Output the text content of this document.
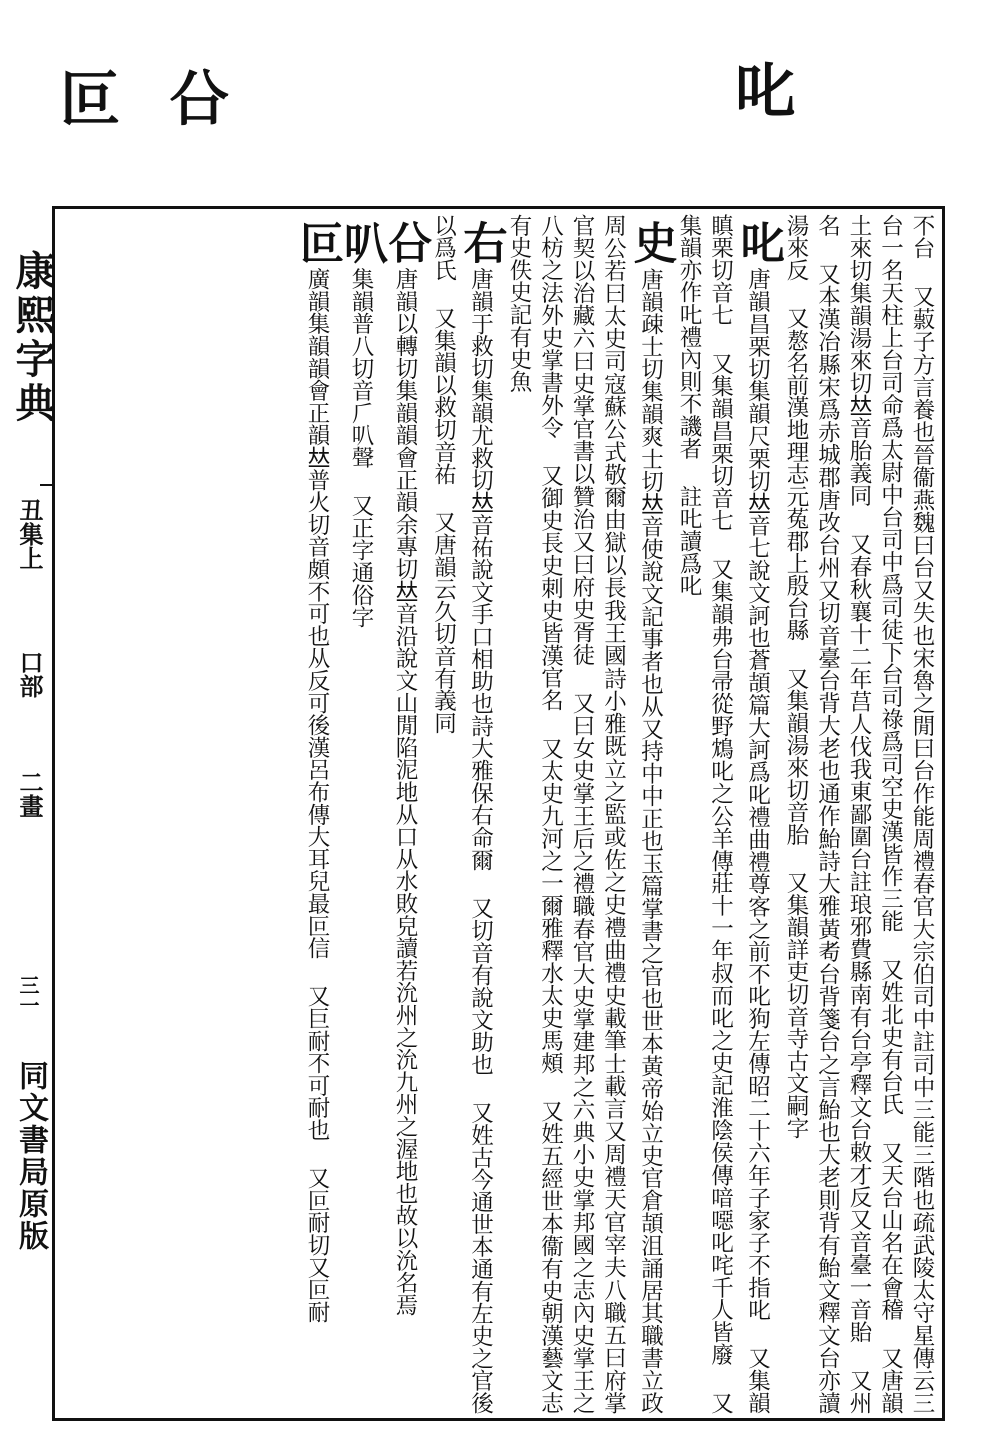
叱
叵 㕣
康熙字典
丑集上
口部
二畫
三一
同文書局原版	不台 又䔴子方言養也晉衞燕魏曰台又失也宋魯之閒曰台作能周禮春官大宗伯司中註司中三能三階也疏武陵太守星傳云三台一名天柱上台司命爲太尉中台司中爲司徒下台司祿爲司空史漢皆作三能 又姓北史有台氏 又天台山名在會稽 又唐韻土來切集韻湯來切𠀤音胎義同 又春秋襄十二年莒人伐我東鄙圍台註琅邪費縣南有台亭釋文台敕才反又音臺一音貽 又州名 又本漢冶縣宋爲赤城郡唐改台州又切音臺台背大老也通作鮐詩大雅黃耇台背箋台之言鮐也大老則背有鮐文釋文台亦讀湯來反 又㥿名前漢地理志元菟郡上殷台縣 又集韻湯來切音胎 又集韻詳吏切音寺古文嗣字

叱唐韻昌栗切集韻尺栗切𠀤音七說文訶也蒼頡篇大訶爲叱禮曲禮尊客之前不叱狗左傳昭二十六年子家子不指叱 又集韻瞋栗切音七 又集韻昌栗切音七 又集韻弗台帚從野鴆叱之公羊傳莊十一年叔而叱之史記淮陰侯傳喑噁叱咤千人皆廢 又集韻亦作𠮟禮內則不譏者 註𠮟讀爲叱

史唐韻疎士切集韻爽士切𠀤音使說文記事者也从又持中中正也玉篇掌書之官也世本黃帝始立史官倉頡沮誦居其職書立政周公若曰太史司寇蘇公式敬爾由獄以長我王國詩小雅既立之監或佐之史禮曲禮史載筆士載言又周禮天官宰夫八職五曰府掌官契以治藏六曰史掌官書以贊治又曰府史胥徒 又曰女史掌王后之禮職春官大史掌建邦之六典小史掌邦國之志內史掌王之八枋之法外史掌書外令 又御史長史刺史皆漢官名 又太史九河之一爾雅釋水太史馬頰 又姓五經世本衞有史朝漢藝文志有史佚史記有史魚

右唐韻于救切集韻尤救切𠀤音祐說文手口相助也詩大雅保右命爾 又切音有說文助也 又姓古今通世本通有左史之官後以爲氏 又集韻以救切音祐 又唐韻云久切音有義同

㕣唐韻以轉切集韻韻會正韻余專切𠀤音沿說文山閒陷泥地从口从水敗皃讀若沇州之沇九州之渥地也故以沇名焉

叭集韻普八切音𠂆叭聲 又正字通俗字

叵廣韻集韻韻會正韻𠀤普火切音頗不可也从反可後漢呂布傳大耳兒最叵信 又巨耐不可耐也 又叵耐切又叵耐
